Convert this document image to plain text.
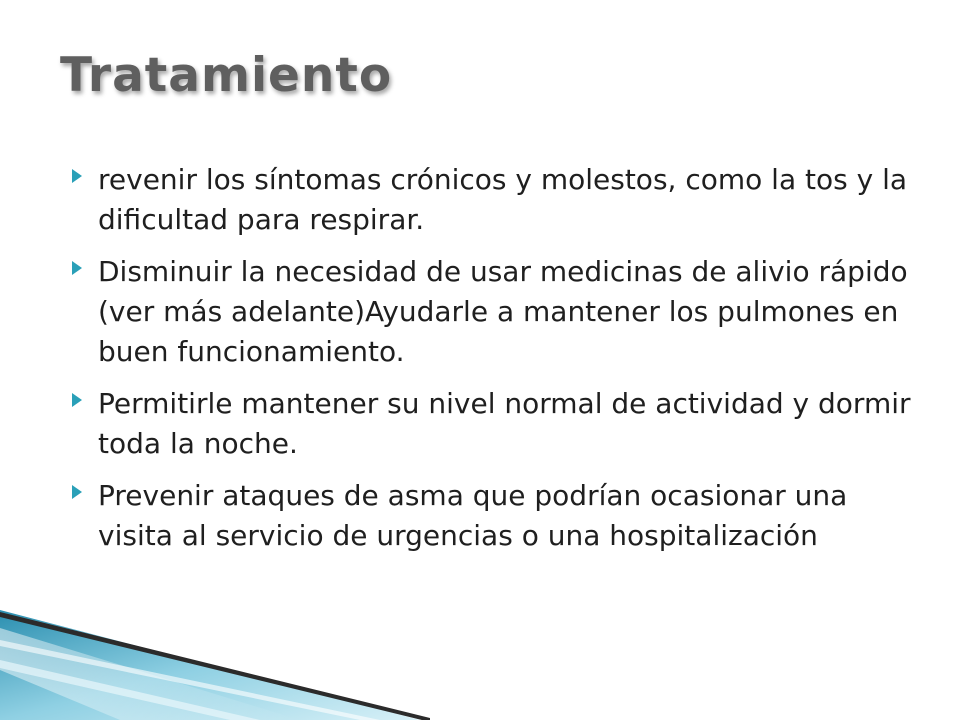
Tratamiento
revenir los síntomas crónicos y molestos, como la tos y la dificultad para respirar.
Disminuir la necesidad de usar medicinas de alivio rápido (ver más adelante)Ayudarle a mantener los pulmones en buen funcionamiento.
Permitirle mantener su nivel normal de actividad y dormir toda la noche.
Prevenir ataques de asma que podrían ocasionar una visita al servicio de urgencias o una hospitalización
